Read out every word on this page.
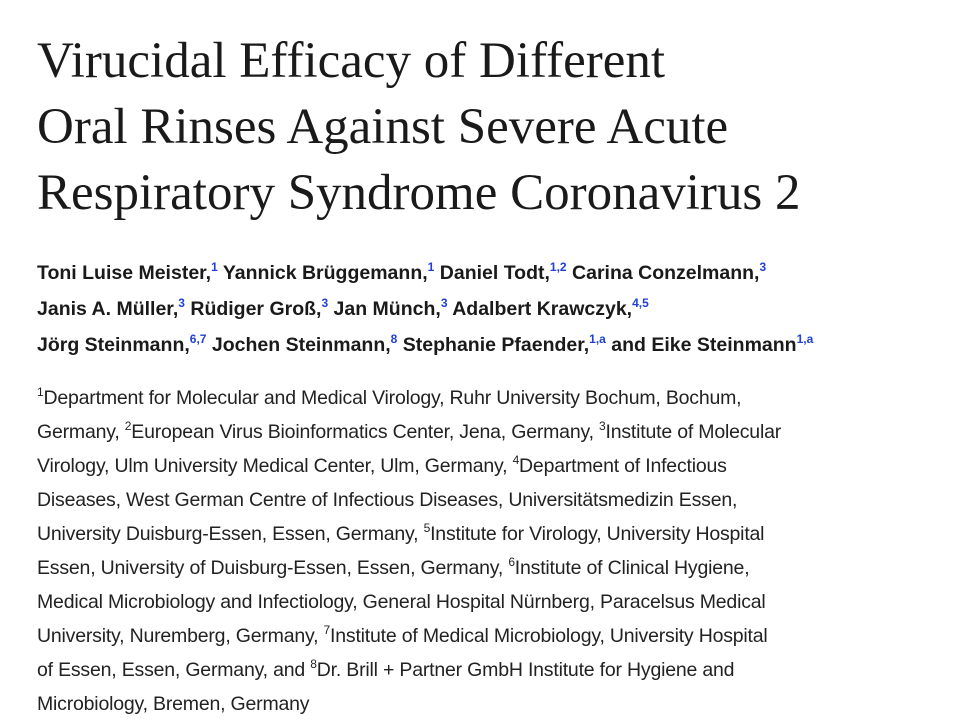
Virucidal Efficacy of Different
Oral Rinses Against Severe Acute
Respiratory Syndrome Coronavirus 2
Toni Luise Meister,$^1$ Yannick Brüggemann,$^1$ Daniel Todt,$^{1,2}$ Carina Conzelmann,$^3$
Janis A. Müller,$^3$ Rüdiger Groß,$^3$ Jan Münch,$^3$ Adalbert Krawczyk,$^{4,5}$
Jörg Steinmann,$^{6,7}$ Jochen Steinmann,$^8$ Stephanie Pfaender,$^{1,a}$ and Eike Steinmann$^{1,a}$
$^1$Department for Molecular and Medical Virology, Ruhr University Bochum, Bochum,
Germany, $^2$European Virus Bioinformatics Center, Jena, Germany, $^3$Institute of Molecular
Virology, Ulm University Medical Center, Ulm, Germany, $^4$Department of Infectious
Diseases, West German Centre of Infectious Diseases, Universitätsmedizin Essen,
University Duisburg-Essen, Essen, Germany, $^5$Institute for Virology, University Hospital
Essen, University of Duisburg-Essen, Essen, Germany, $^6$Institute of Clinical Hygiene,
Medical Microbiology and Infectiology, General Hospital Nürnberg, Paracelsus Medical
University, Nuremberg, Germany, $^7$Institute of Medical Microbiology, University Hospital
of Essen, Essen, Germany, and $^8$Dr. Brill + Partner GmbH Institute for Hygiene and
Microbiology, Bremen, Germany
